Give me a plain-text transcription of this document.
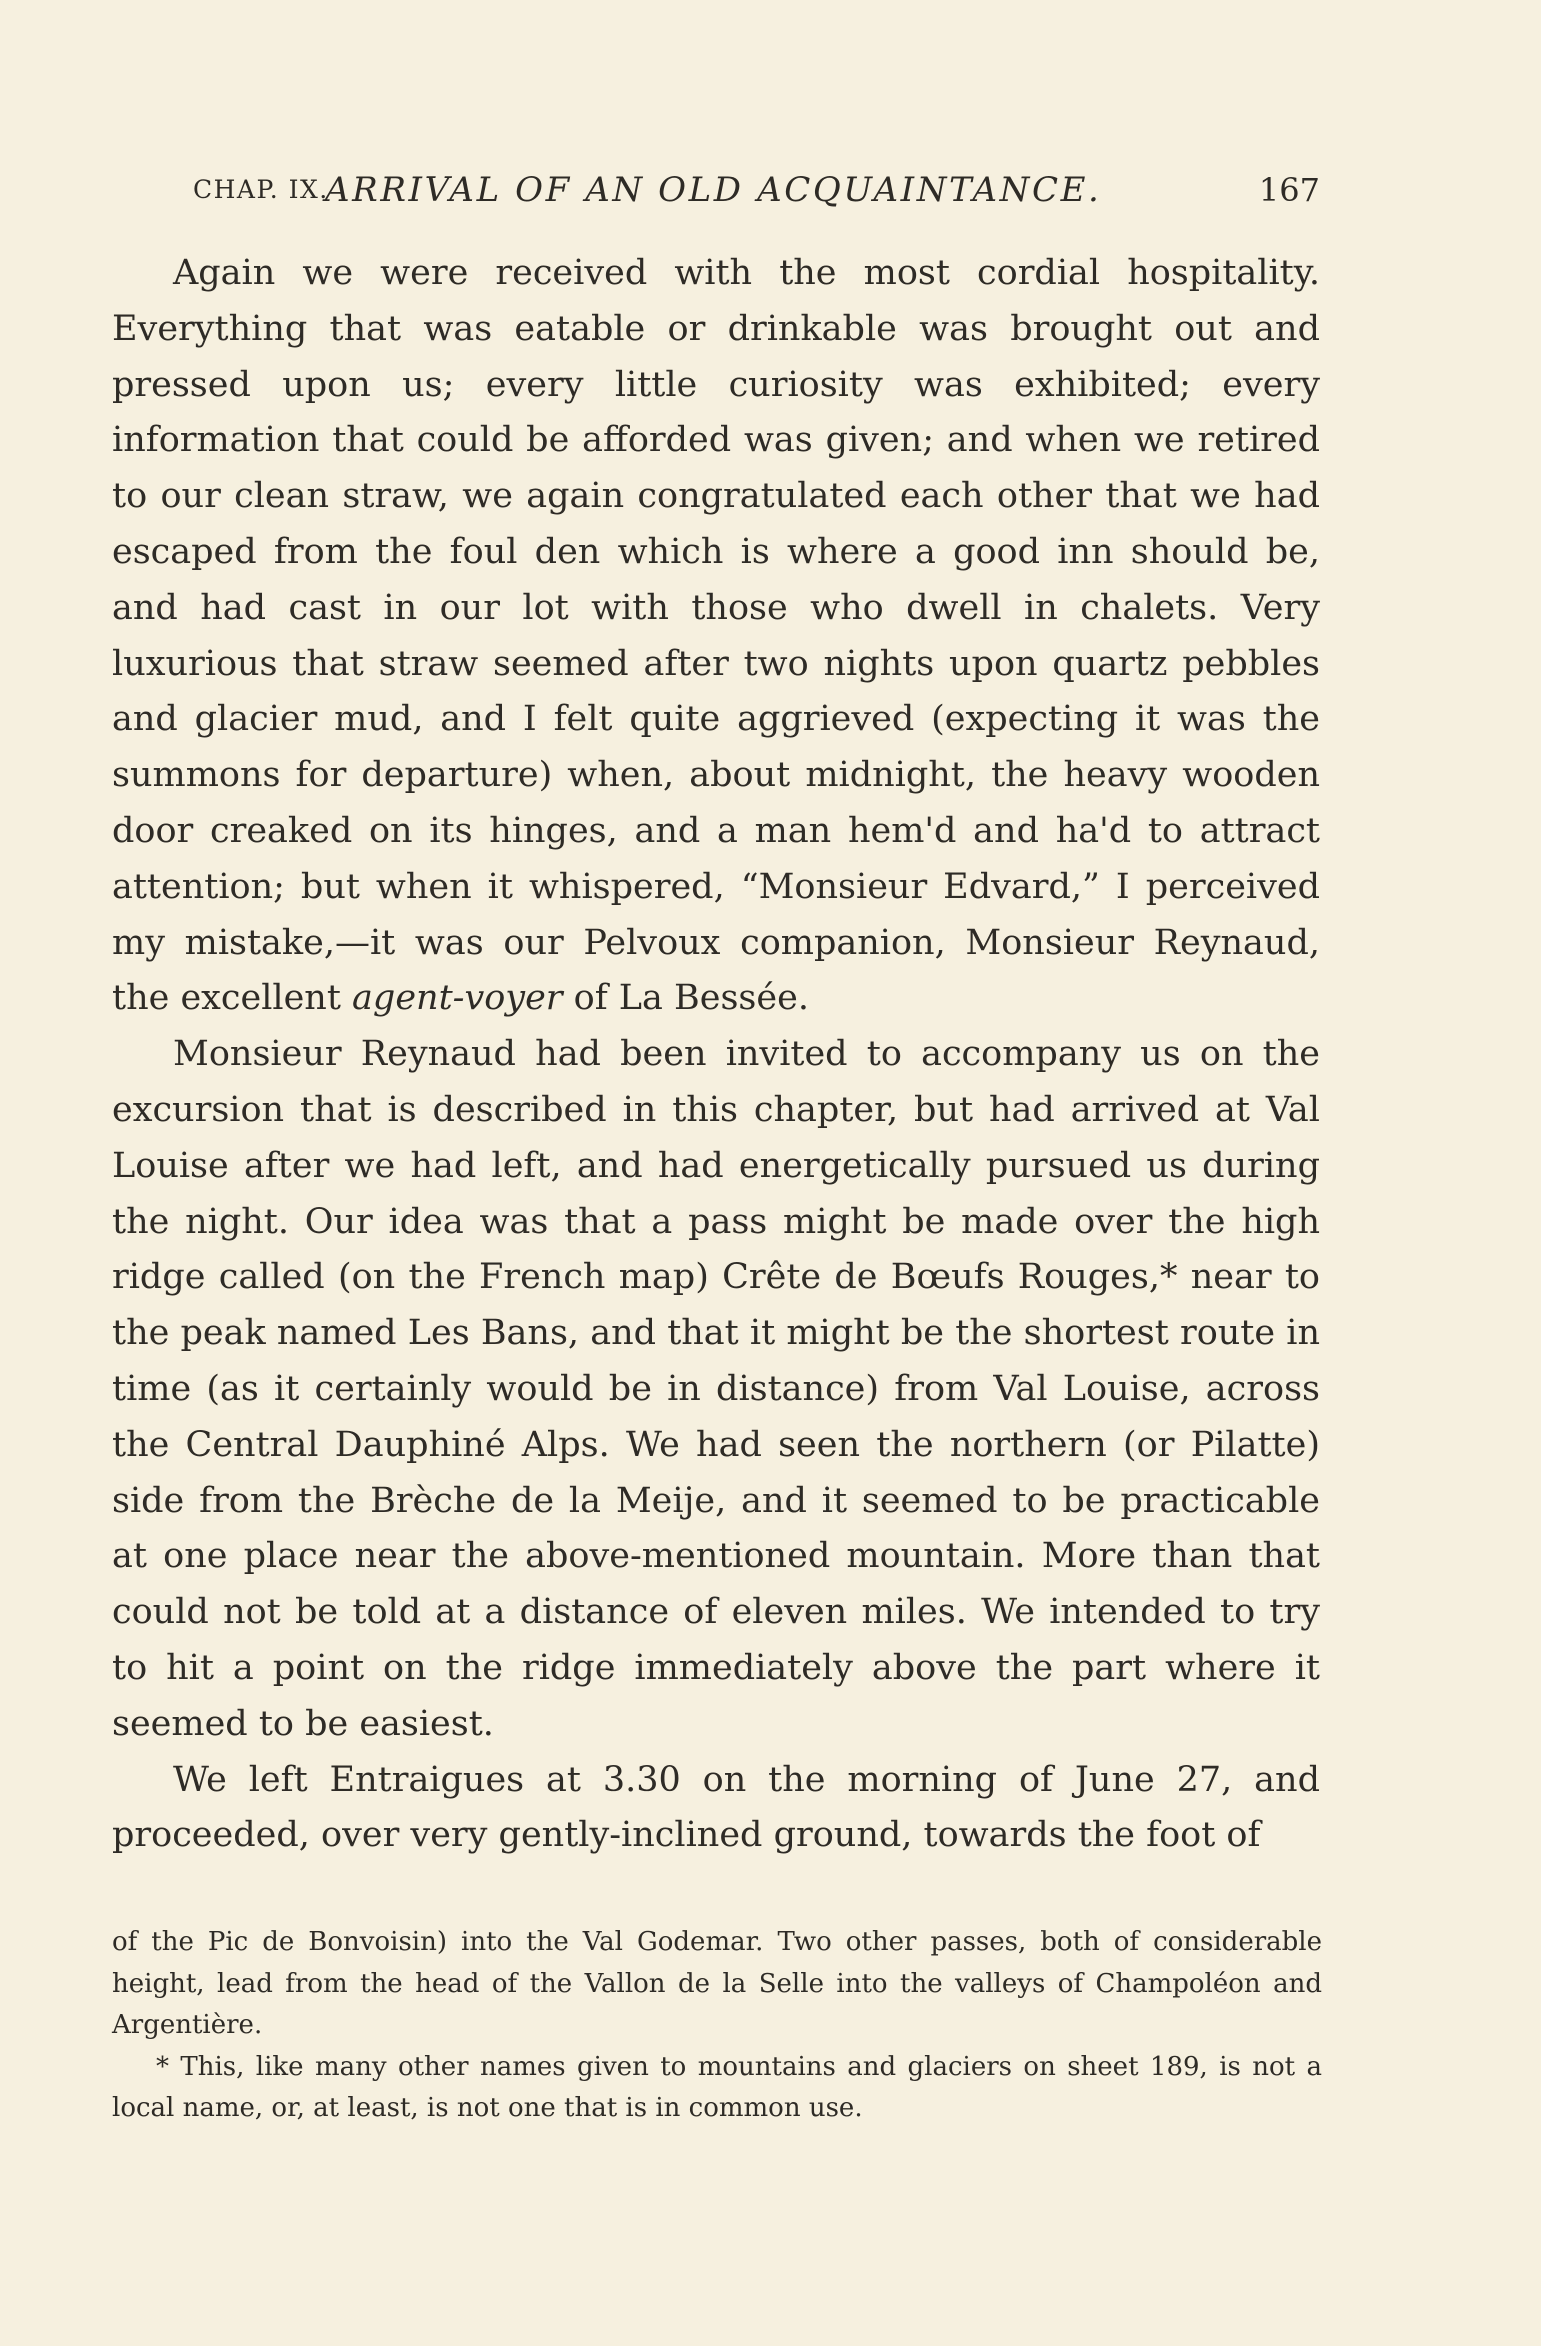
CHAP. IX.
ARRIVAL OF AN OLD ACQUAINTANCE.	167

Again we were received with the most cordial hospitality. Everything that was eatable or drinkable was brought out and pressed upon us; every little curiosity was exhibited; every information that could be afforded was given; and when we retired to our clean straw, we again congratulated each other that we had escaped from the foul den which is where a good inn should be, and had cast in our lot with those who dwell in chalets. Very luxurious that straw seemed after two nights upon quartz pebbles and glacier mud, and I felt quite aggrieved (expecting it was the summons for departure) when, about midnight, the heavy wooden door creaked on its hinges, and a man hem'd and ha'd to attract attention; but when it whispered, “Monsieur Edvard,” I perceived my mistake,—it was our Pelvoux companion, Monsieur Reynaud, the excellent agent-voyer of La Bessée.

Monsieur Reynaud had been invited to accompany us on the excursion that is described in this chapter, but had arrived at Val Louise after we had left, and had energetically pursued us during the night. Our idea was that a pass might be made over the high ridge called (on the French map) Crête de Bœufs Rouges,* near to the peak named Les Bans, and that it might be the shortest route in time (as it certainly would be in distance) from Val Louise, across the Central Dauphiné Alps. We had seen the northern (or Pilatte) side from the Brèche de la Meije, and it seemed to be practicable at one place near the above-mentioned mountain. More than that could not be told at a distance of eleven miles. We intended to try to hit a point on the ridge immediately above the part where it seemed to be easiest.

We left Entraigues at 3.30 on the morning of June 27, and proceeded, over very gently-inclined ground, towards the foot of

of the Pic de Bonvoisin) into the Val Godemar. Two other passes, both of considerable height, lead from the head of the Vallon de la Selle into the valleys of Champoléon and Argentière.

* This, like many other names given to mountains and glaciers on sheet 189, is not a local name, or, at least, is not one that is in common use.
